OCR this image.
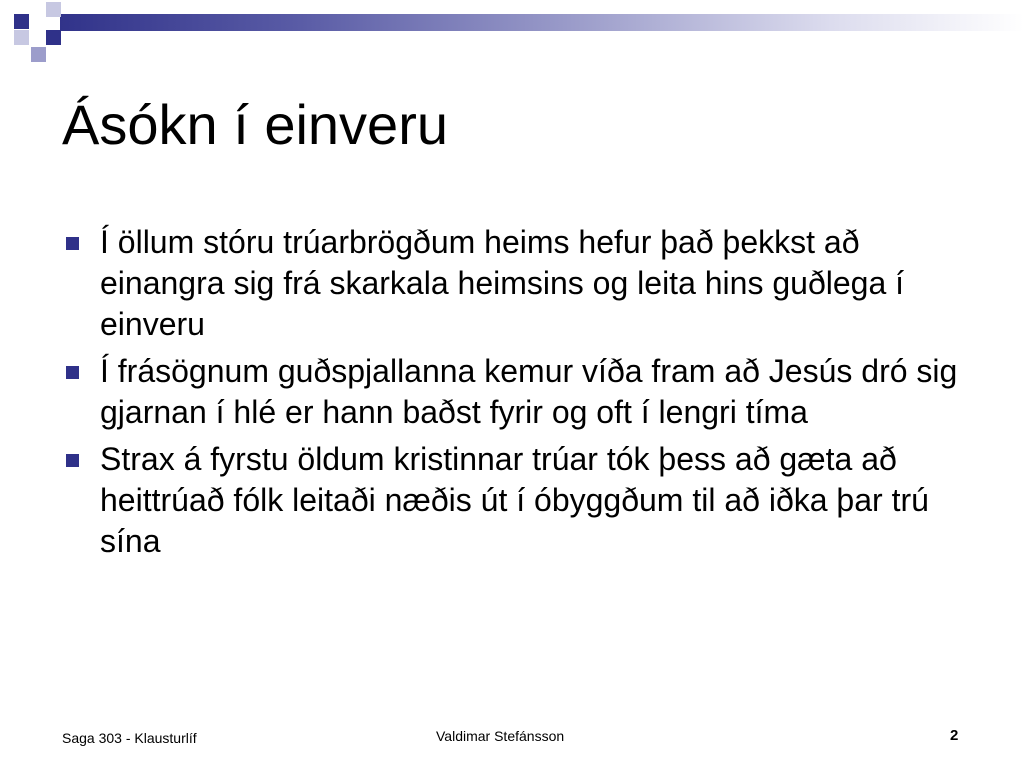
Ásókn í einveru
Í öllum stóru trúarbrögðum heims hefur það þekkst að einangra sig frá skarkala heimsins og leita hins guðlega í einveru
Í frásögnum guðspjallanna kemur víða fram að Jesús dró sig gjarnan í hlé er hann baðst fyrir og oft í lengri tíma
Strax á fyrstu öldum kristinnar trúar tók þess að gæta að heittrúað fólk leitaði næðis út í óbyggðum til að iðka þar trú sína
Saga 303 - Klausturlíf	Valdimar Stefánsson	2
